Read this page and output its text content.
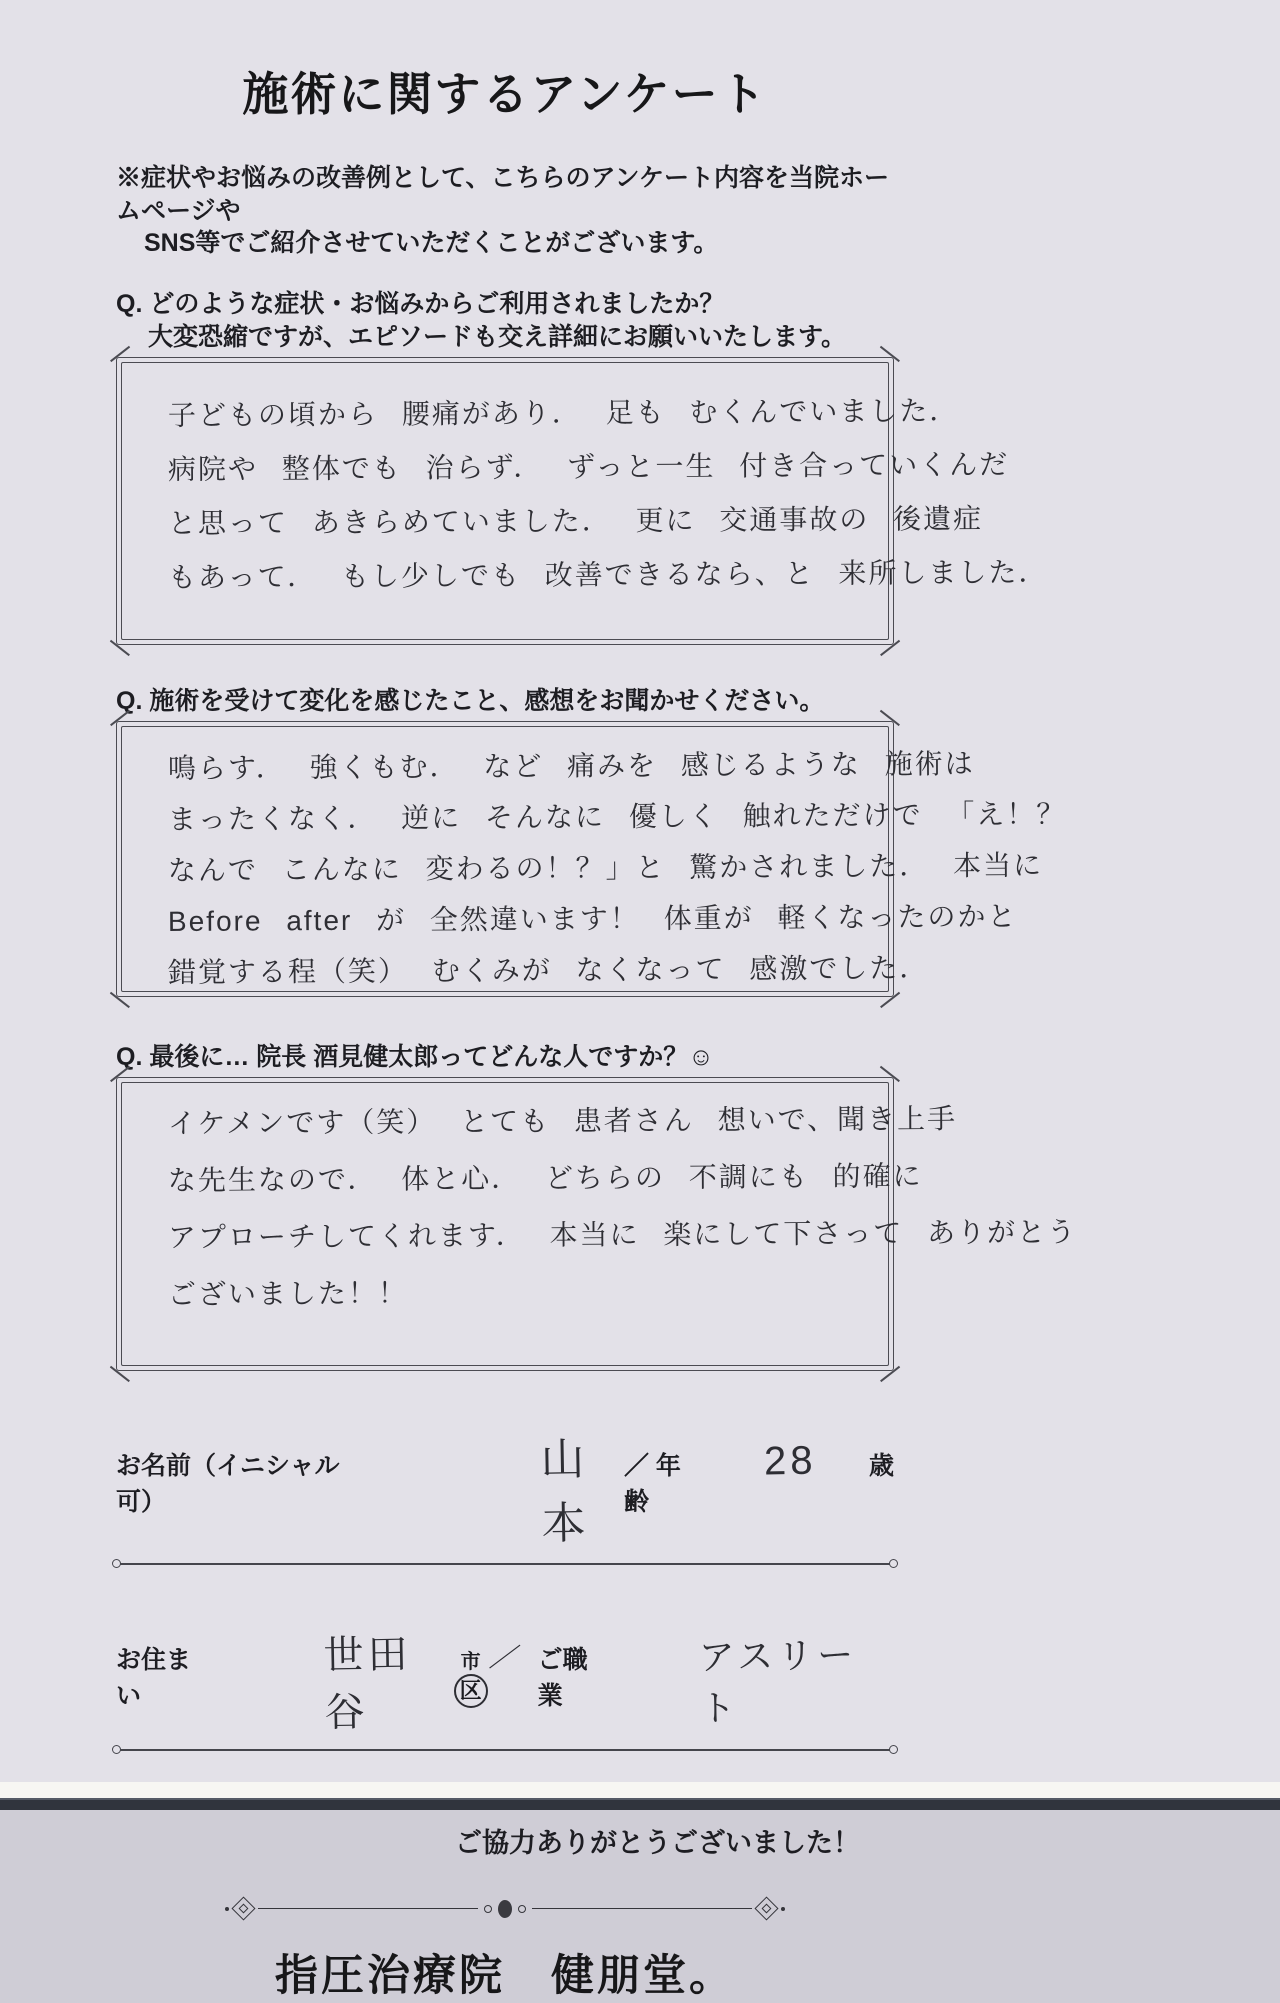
施術に関するアンケート
※症状やお悩みの改善例として、こちらのアンケート内容を当院ホームページや
SNS等でご紹介させていただくことがございます。
Q. どのような症状・お悩みからご利用されましたか？
大変恐縮ですが、エピソードも交え詳細にお願いいたします。
子どもの頃から 腰痛があり． 足も むくんでいました．
病院や 整体でも 治らず． ずっと一生 付き合っていくんだ
と思って あきらめていました． 更に 交通事故の 後遺症
もあって． もし少しでも 改善できるなら、と 来所しました．
Q. 施術を受けて変化を感じたこと、感想をお聞かせください。
鳴らす． 強くもむ． など 痛みを 感じるような 施術は
まったくなく． 逆に そんなに 優しく 触れただけで 「え！？
なんで こんなに 変わるの！？」と 驚かされました． 本当に
Before after が 全然違います！ 体重が 軽くなったのかと
錯覚する程（笑） むくみが なくなって 感激でした．
Q. 最後に… 院長 酒見健太郎ってどんな人ですか？☺
イケメンです（笑） とても 患者さん 想いで、聞き上手
な先生なので． 体と心． どちらの 不調にも 的確に
アプローチしてくれます． 本当に 楽にして下さって ありがとう
ございました！！
お名前（イニシャル可）
山本
／ 年齢
28 歳
お住まい
世田谷
市
区
／ ご職業
アスリート
ご協力ありがとうございました！
指圧治療院　健朋堂。
